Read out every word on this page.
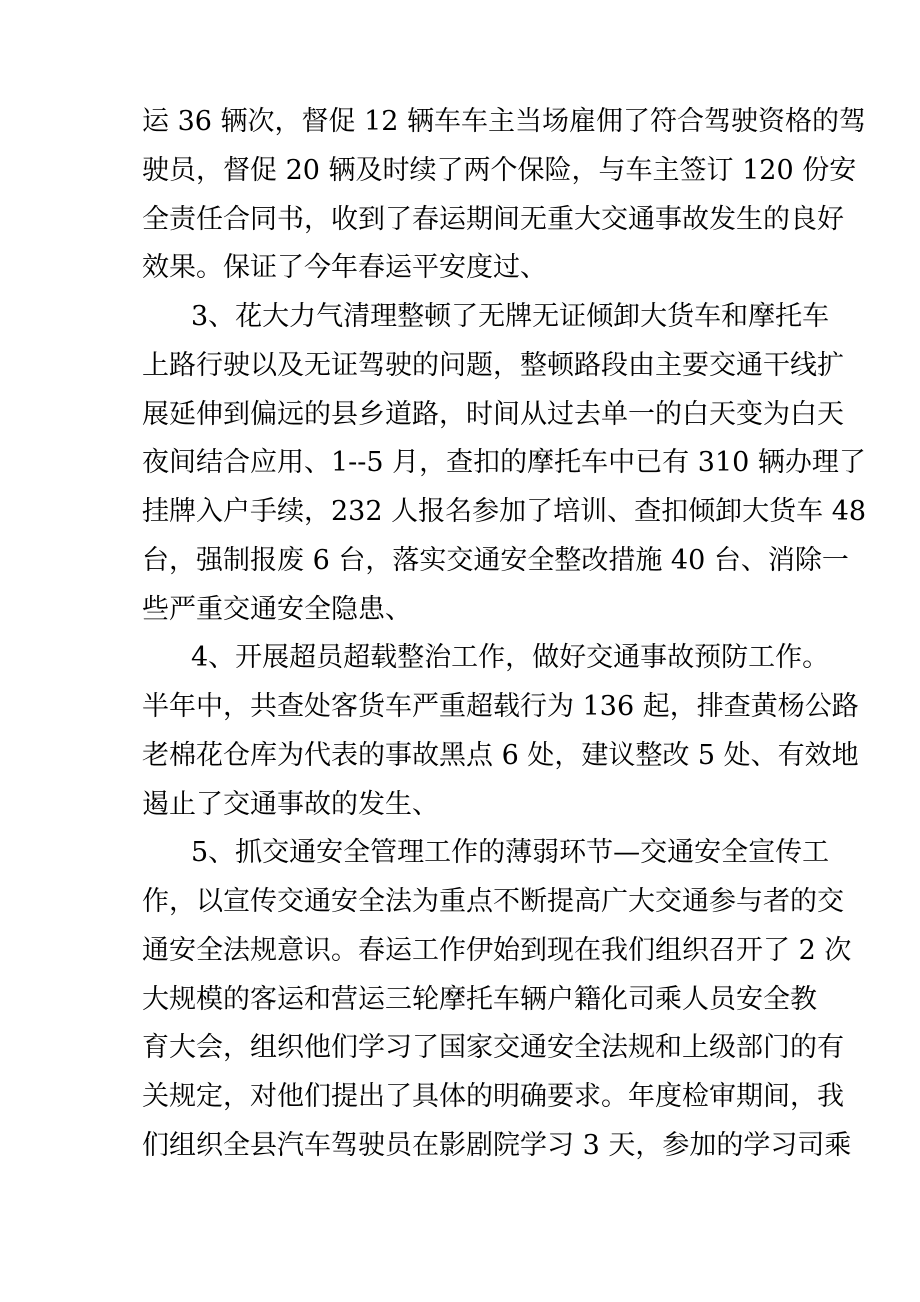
运 36 辆次，督促 12 辆车车主当场雇佣了符合驾驶资格的驾
驶员，督促 20 辆及时续了两个保险，与车主签订 120 份安
全责任合同书，收到了春运期间无重大交通事故发生的良好
效果。保证了今年春运平安度过、
3、花大力气清理整顿了无牌无证倾卸大货车和摩托车
上路行驶以及无证驾驶的问题，整顿路段由主要交通干线扩
展延伸到偏远的县乡道路，时间从过去单一的白天变为白天
夜间结合应用、1--5 月，查扣的摩托车中已有 310 辆办理了
挂牌入户手续，232 人报名参加了培训、查扣倾卸大货车 48
台，强制报废 6 台，落实交通安全整改措施 40 台、消除一
些严重交通安全隐患、
4、开展超员超载整治工作，做好交通事故预防工作。
半年中，共查处客货车严重超载行为 136 起，排查黄杨公路
老棉花仓库为代表的事故黑点 6 处，建议整改 5 处、有效地
遏止了交通事故的发生、
5、抓交通安全管理工作的薄弱环节—交通安全宣传工
作，以宣传交通安全法为重点不断提高广大交通参与者的交
通安全法规意识。春运工作伊始到现在我们组织召开了 2 次
大规模的客运和营运三轮摩托车辆户籍化司乘人员安全教
育大会，组织他们学习了国家交通安全法规和上级部门的有
关规定，对他们提出了具体的明确要求。年度检审期间，我
们组织全县汽车驾驶员在影剧院学习 3 天，参加的学习司乘
